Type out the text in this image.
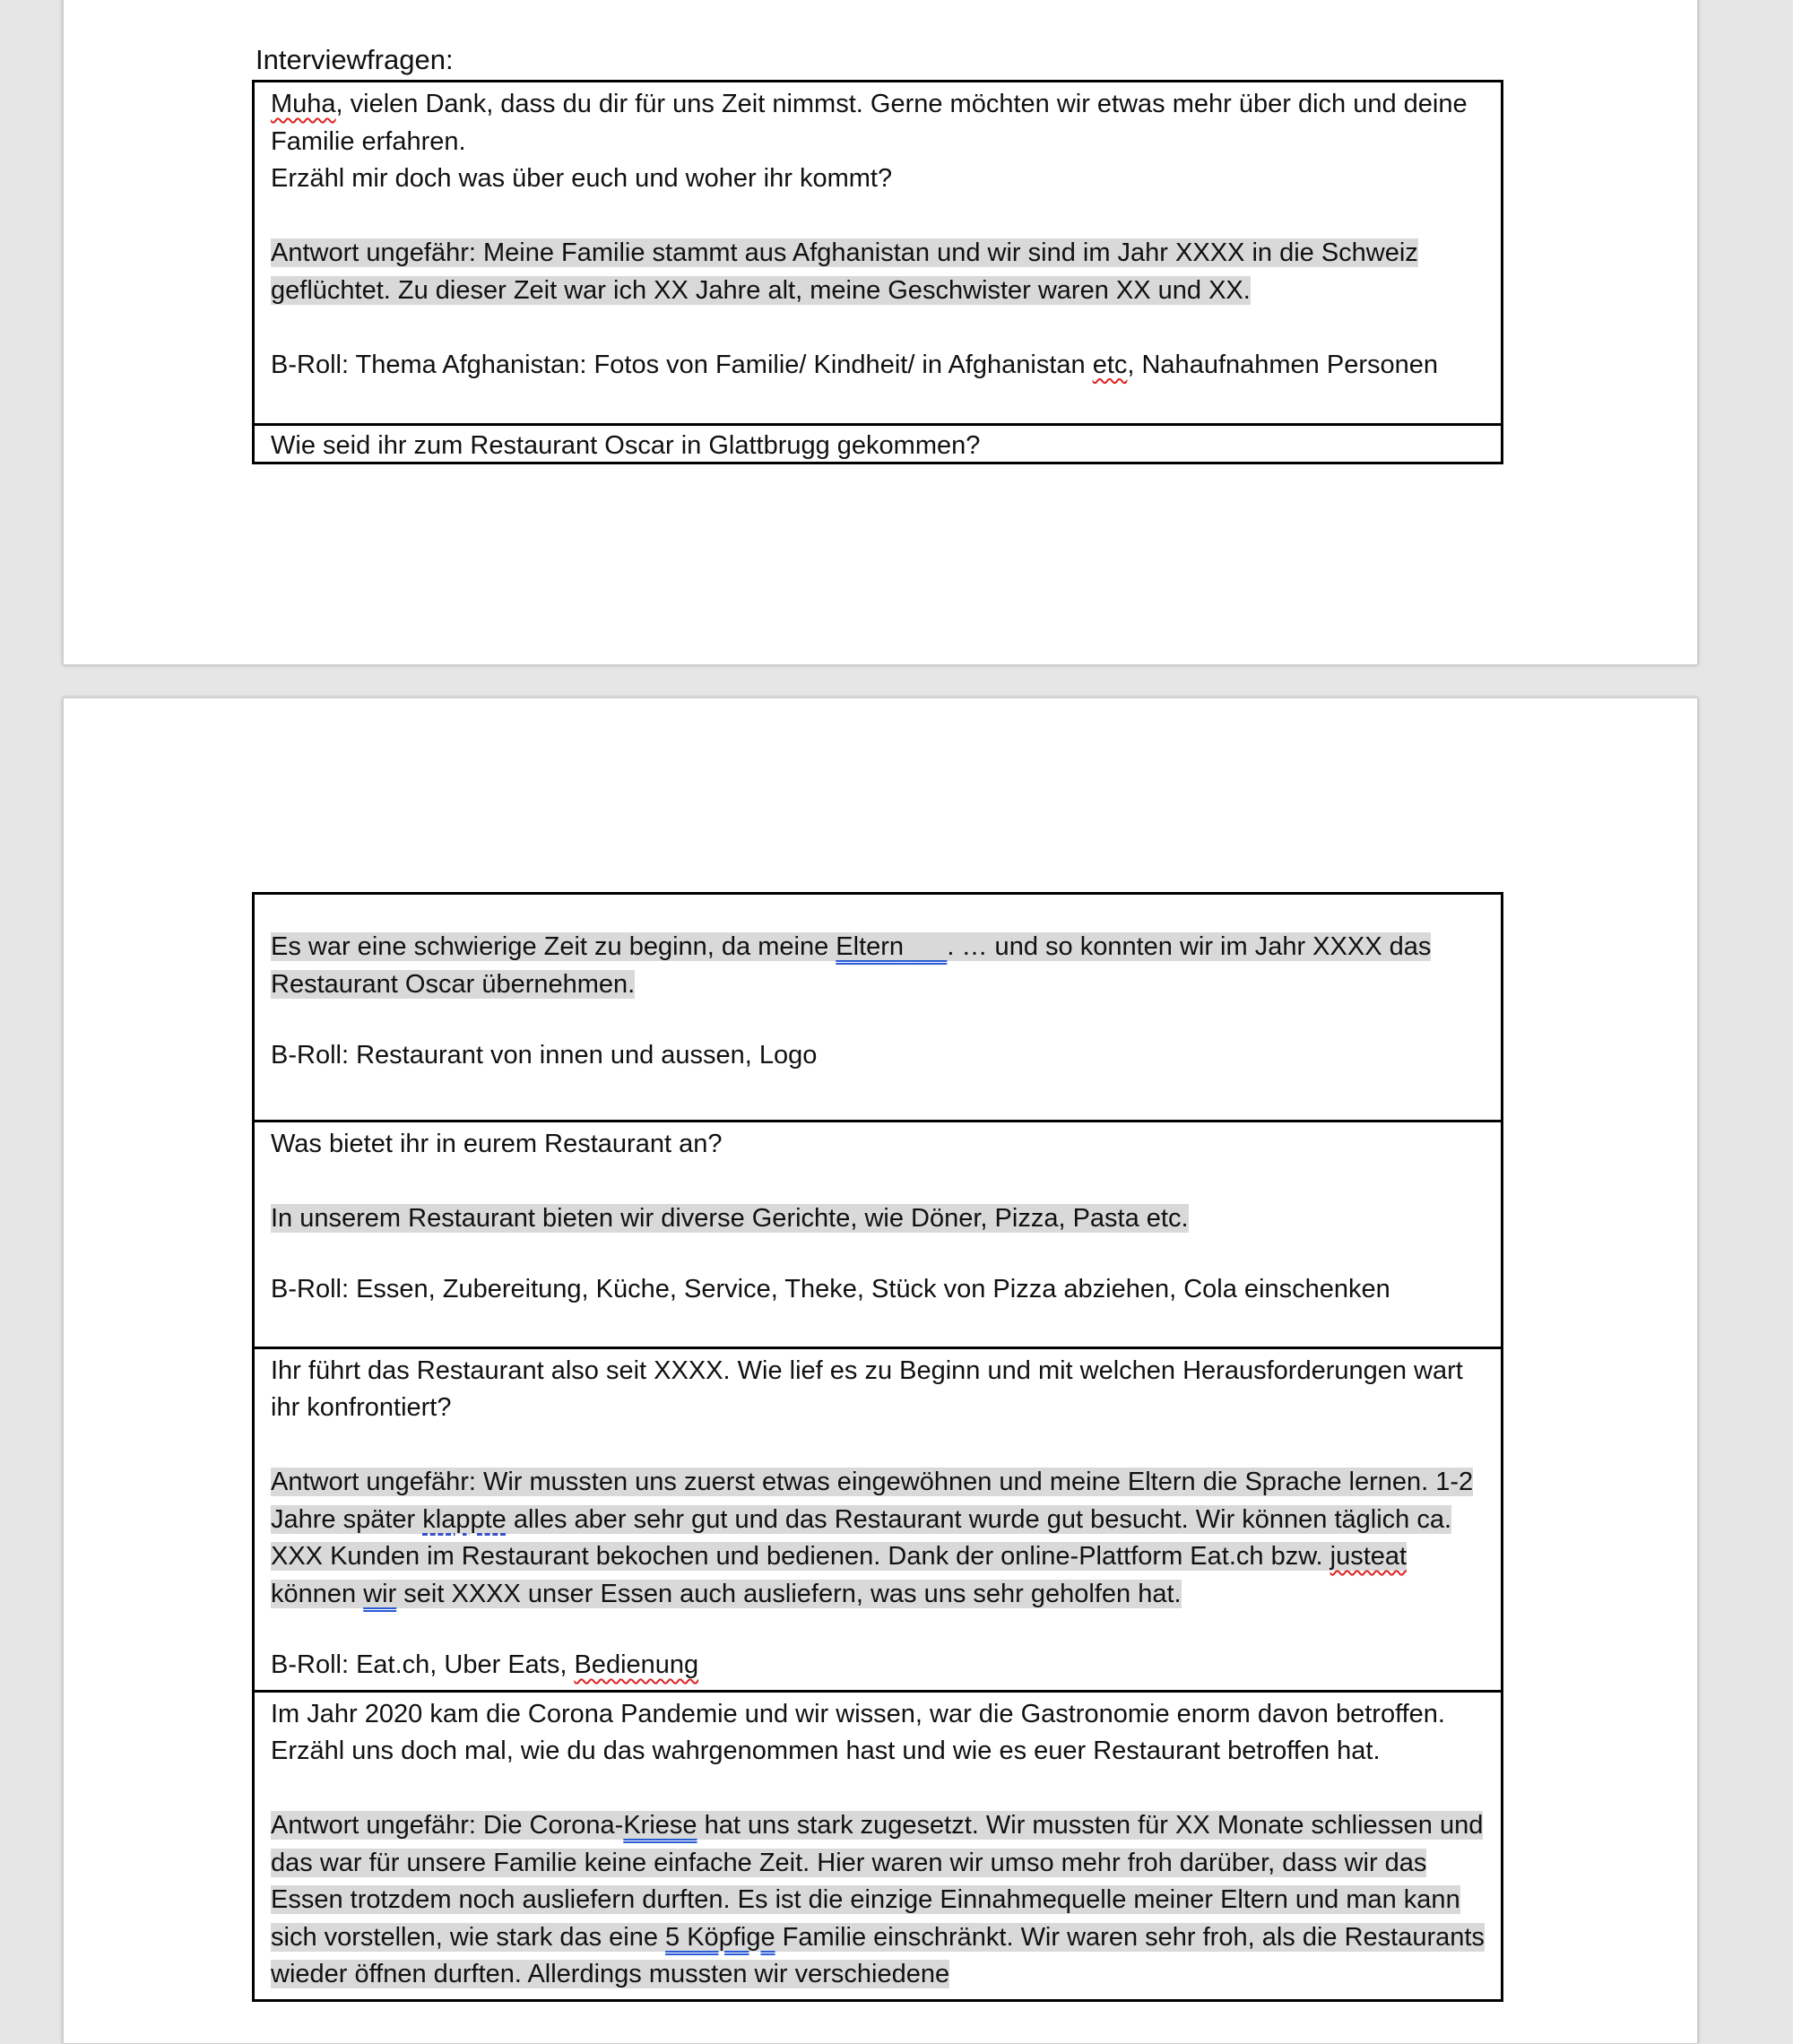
Interviewfragen:

Muha, vielen Dank, dass du dir für uns Zeit nimmst. Gerne möchten wir etwas mehr über dich und deine Familie erfahren.

Erzähl mir doch was über euch und woher ihr kommt?

Antwort ungefähr: Meine Familie stammt aus Afghanistan und wir sind im Jahr XXXX in die Schweiz geflüchtet. Zu dieser Zeit war ich XX Jahre alt, meine Geschwister waren XX und XX.

B-Roll: Thema Afghanistan: Fotos von Familie/ Kindheit/ in Afghanistan etc, Nahaufnahmen Personen

Wie seid ihr zum Restaurant Oscar in Glattbrugg gekommen?

Es war eine schwierige Zeit zu beginn, da meine Eltern . … und so konnten wir im Jahr XXXX das Restaurant Oscar übernehmen.

B-Roll: Restaurant von innen und aussen, Logo

Was bietet ihr in eurem Restaurant an?

In unserem Restaurant bieten wir diverse Gerichte, wie Döner, Pizza, Pasta etc.

B-Roll: Essen, Zubereitung, Küche, Service, Theke, Stück von Pizza abziehen, Cola einschenken

Ihr führt das Restaurant also seit XXXX. Wie lief es zu Beginn und mit welchen Herausforderungen wart ihr konfrontiert?

Antwort ungefähr: Wir mussten uns zuerst etwas eingewöhnen und meine Eltern die Sprache lernen. 1-2 Jahre später klappte alles aber sehr gut und das Restaurant wurde gut besucht. Wir können täglich ca. XXX Kunden im Restaurant bekochen und bedienen. Dank der online-Plattform Eat.ch bzw. justeat können wir seit XXXX unser Essen auch ausliefern, was uns sehr geholfen hat.

B-Roll: Eat.ch, Uber Eats, Bedienung

Im Jahr 2020 kam die Corona Pandemie und wir wissen, war die Gastronomie enorm davon betroffen. Erzähl uns doch mal, wie du das wahrgenommen hast und wie es euer Restaurant betroffen hat.

Antwort ungefähr: Die Corona-Kriese hat uns stark zugesetzt. Wir mussten für XX Monate schliessen und das war für unsere Familie keine einfache Zeit. Hier waren wir umso mehr froh darüber, dass wir das Essen trotzdem noch ausliefern durften. Es ist die einzige Einnahmequelle meiner Eltern und man kann sich vorstellen, wie stark das eine 5 Köpfige Familie einschränkt. Wir waren sehr froh, als die Restaurants wieder öffnen durften. Allerdings mussten wir verschiedene
